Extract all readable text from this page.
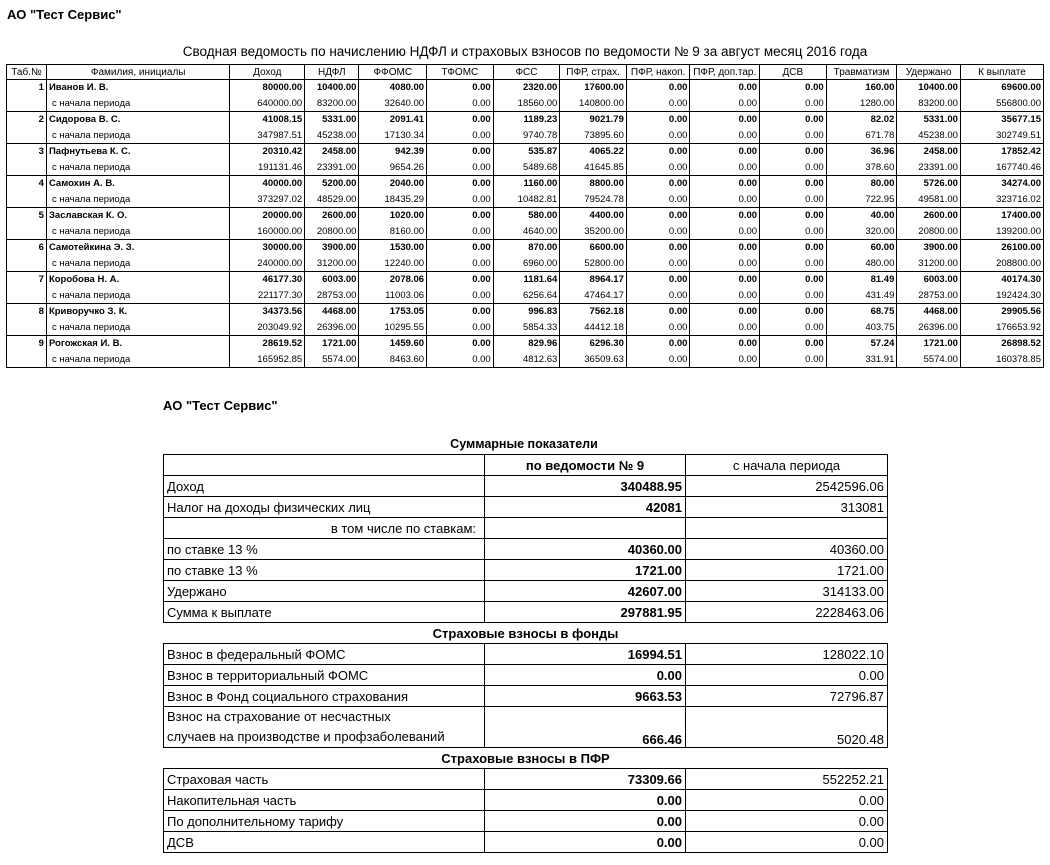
АО "Тест Сервис"
Сводная ведомость по начислению НДФЛ и страховых взносов по ведомости № 9 за август месяц 2016 года
Таб.№	Фамилия, инициалы	Доход	НДФЛ	ФФОМС	ТФОМС	ФСС	ПФР, страх.	ПФР, накоп.	ПФР, доп.тар.	ДСВ	Травматизм	Удержано	К выплате
1	Иванов И. В.	80000.00	10400.00	4080.00	0.00	2320.00	17600.00	0.00	0.00	0.00	160.00	10400.00	69600.00
	с начала периода	640000.00	83200.00	32640.00	0.00	18560.00	140800.00	0.00	0.00	0.00	1280.00	83200.00	556800.00
2	Сидорова В. С.	41008.15	5331.00	2091.41	0.00	1189.23	9021.79	0.00	0.00	0.00	82.02	5331.00	35677.15
	с начала периода	347987.51	45238.00	17130.34	0.00	9740.78	73895.60	0.00	0.00	0.00	671.78	45238.00	302749.51
3	Пафнутьева К. С.	20310.42	2458.00	942.39	0.00	535.87	4065.22	0.00	0.00	0.00	36.96	2458.00	17852.42
	с начала периода	191131.46	23391.00	9654.26	0.00	5489.68	41645.85	0.00	0.00	0.00	378.60	23391.00	167740.46
4	Самохин А. В.	40000.00	5200.00	2040.00	0.00	1160.00	8800.00	0.00	0.00	0.00	80.00	5726.00	34274.00
	с начала периода	373297.02	48529.00	18435.29	0.00	10482.81	79524.78	0.00	0.00	0.00	722.95	49581.00	323716.02
5	Заславская К. О.	20000.00	2600.00	1020.00	0.00	580.00	4400.00	0.00	0.00	0.00	40.00	2600.00	17400.00
	с начала периода	160000.00	20800.00	8160.00	0.00	4640.00	35200.00	0.00	0.00	0.00	320.00	20800.00	139200.00
6	Самотейкина Э. З.	30000.00	3900.00	1530.00	0.00	870.00	6600.00	0.00	0.00	0.00	60.00	3900.00	26100.00
	с начала периода	240000.00	31200.00	12240.00	0.00	6960.00	52800.00	0.00	0.00	0.00	480.00	31200.00	208800.00
7	Коробова Н. А.	46177.30	6003.00	2078.06	0.00	1181.64	8964.17	0.00	0.00	0.00	81.49	6003.00	40174.30
	с начала периода	221177.30	28753.00	11003.06	0.00	6256.64	47464.17	0.00	0.00	0.00	431.49	28753.00	192424.30
8	Криворучко З. К.	34373.56	4468.00	1753.05	0.00	996.83	7562.18	0.00	0.00	0.00	68.75	4468.00	29905.56
	с начала периода	203049.92	26396.00	10295.55	0.00	5854.33	44412.18	0.00	0.00	0.00	403.75	26396.00	176653.92
9	Рогожская И. В.	28619.52	1721.00	1459.60	0.00	829.96	6296.30	0.00	0.00	0.00	57.24	1721.00	26898.52
	с начала периода	165952.85	5574.00	8463.60	0.00	4812.63	36509.63	0.00	0.00	0.00	331.91	5574.00	160378.85
АО "Тест Сервис"
Суммарные показатели
	по ведомости № 9	с начала периода
Доход	340488.95	2542596.06
Налог на доходы физических лиц	42081	313081
в том числе по ставкам:		
по ставке 13 %	40360.00	40360.00
по ставке 13 %	1721.00	1721.00
Удержано	42607.00	314133.00
Сумма к выплате	297881.95	2228463.06
Страховые взносы в фонды		
Взнос в федеральный ФОМС	16994.51	128022.10
Взнос в территориальный ФОМС	0.00	0.00
Взнос в Фонд социального страхования	9663.53	72796.87
Взнос на страхование от несчастных
случаев на производстве и профзаболеваний	666.46	5020.48
Страховые взносы в ПФР		
Страховая часть	73309.66	552252.21
Накопительная часть	0.00	0.00
По дополнительному тарифу	0.00	0.00
ДСВ	0.00	0.00
